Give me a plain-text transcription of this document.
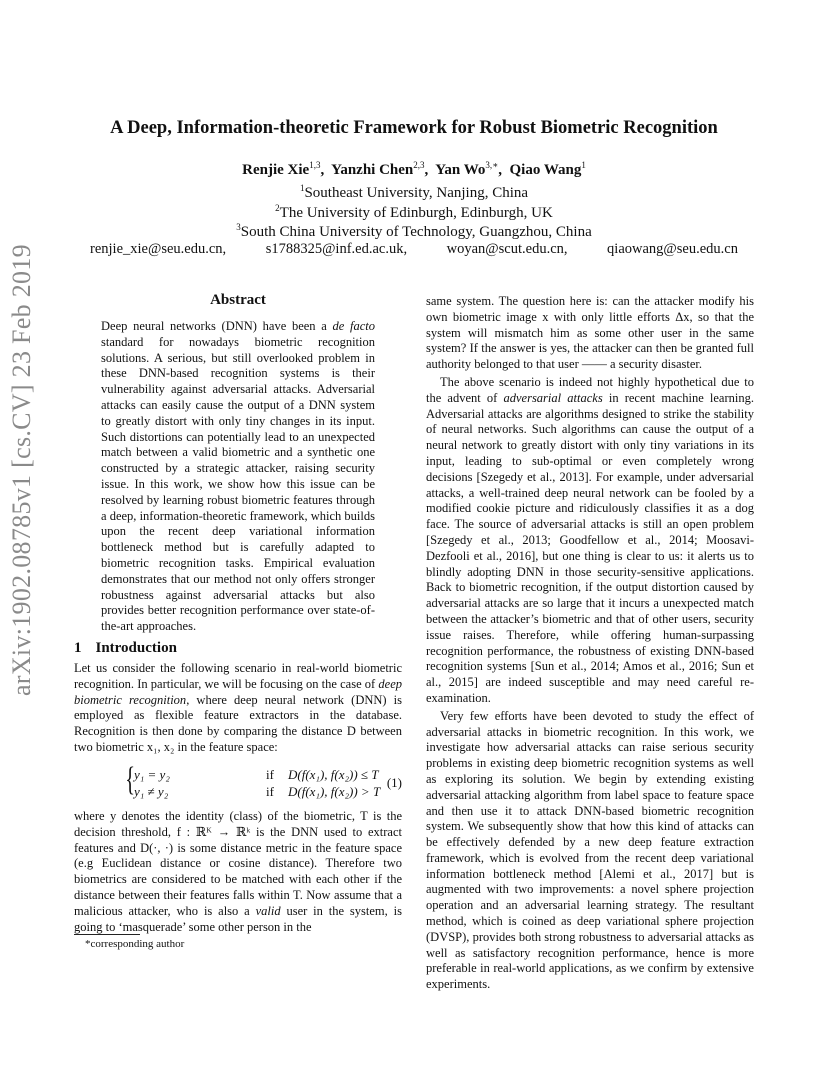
arXiv:1902.08785v1 [cs.CV] 23 Feb 2019
A Deep, Information-theoretic Framework for Robust Biometric Recognition
Renjie Xie$^{1,3}$,  Yanzhi Chen$^{2,3}$,  Yan $Wo^{3,∗}$,  Qiao Wang$^1$
$^1$Southeast University, Nanjing, China
$^2$The University of Edinburgh, Edinburgh, UK
$^3$South China University of Technology, Guangzhou, China
renjie_xie@seu.edu.cn,	s1788325@inf.ed.ac.uk,	woyan@scut.edu.cn,	qiaowang@seu.edu.cn
Abstract

Deep neural networks (DNN) have been a de facto standard for nowadays biometric recognition solutions. A serious, but still overlooked problem in these DNN-based recognition systems is their vulnerability against adversarial attacks. Adversarial attacks can easily cause the output of a DNN system to greatly distort with only tiny changes in its input. Such distortions can potentially lead to an unexpected match between a valid biometric and a synthetic one constructed by a strategic attacker, raising security issue. In this work, we show how this issue can be resolved by learning robust biometric features through a deep, information-theoretic framework, which builds upon the recent deep variational information bottleneck method but is carefully adapted to biometric recognition tasks. Empirical evaluation demonstrates that our method not only offers stronger robustness against adversarial attacks but also provides better recognition performance over state-of-the-art approaches.

1 Introduction

Let us consider the following scenario in real-world biometric recognition. In particular, we will be focusing on the case of deep biometric recognition, where deep neural network (DNN) is employed as flexible feature extractors in the database. Recognition is then done by comparing the distance D between two biometric x₁, x₂ in the feature space:

{
y₁ = y₂	if D(f(x₁), f(x₂)) ≤ T
y₁ ≠ y₂	if D(f(x₁), f(x₂)) > T
(1)

where y denotes the identity (class) of the biometric, T is the decision threshold, f : ℝᴷ → ℝᵏ is the DNN used to extract features and D(·, ·) is some distance metric in the feature space (e.g Euclidean distance or cosine distance). Therefore two biometrics are considered to be matched with each other if the distance between their features falls within T. Now assume that a malicious attacker, who is also a valid user in the system, is going to ‘masquerade’ some other person in the

*corresponding author

same system. The question here is: can the attacker modify his own biometric image x with only little efforts Δx, so that the system will mismatch him as some other user in the same system? If the answer is yes, the attacker can then be granted full authority belonged to that user —— a security disaster.

The above scenario is indeed not highly hypothetical due to the advent of adversarial attacks in recent machine learning. Adversarial attacks are algorithms designed to strike the stability of neural networks. Such algorithms can cause the output of a neural network to greatly distort with only tiny variations in its input, leading to sub-optimal or even completely wrong decisions [Szegedy et al., 2013]. For example, under adversarial attacks, a well-trained deep neural network can be fooled by a modified cookie picture and ridiculously classifies it as a dog face. The source of adversarial attacks is still an open problem [Szegedy et al., 2013; Goodfellow et al., 2014; Moosavi-Dezfooli et al., 2016], but one thing is clear to us: it alerts us to blindly adopting DNN in those security-sensitive applications. Back to biometric recognition, if the output distortion caused by adversarial attacks are so large that it incurs a unexpected match between the attacker’s biometric and that of other users, security issue raises. Therefore, while offering human-surpassing recognition performance, the robustness of existing DNN-based recognition systems [Sun et al., 2014; Amos et al., 2016; Sun et al., 2015] are indeed susceptible and may need careful re-examination.

Very few efforts have been devoted to study the effect of adversarial attacks in biometric recognition. In this work, we investigate how adversarial attacks can raise serious security problems in existing deep biometric recognition systems as well as exploring its solution. We begin by extending existing adversarial attacking algorithm from label space to feature space and then use it to attack DNN-based biometric recognition system. We subsequently show that how this kind of attacks can be effectively defended by a new deep feature extraction framework, which is evolved from the recent deep variational information bottleneck method [Alemi et al., 2017] but is augmented with two improvements: a novel sphere projection operation and an adversarial learning strategy. The resultant method, which is coined as deep variational sphere projection (DVSP), provides both strong robustness to adversarial attacks as well as satisfactory recognition performance, hence is more preferable in real-world applications, as we confirm by extensive experiments.
